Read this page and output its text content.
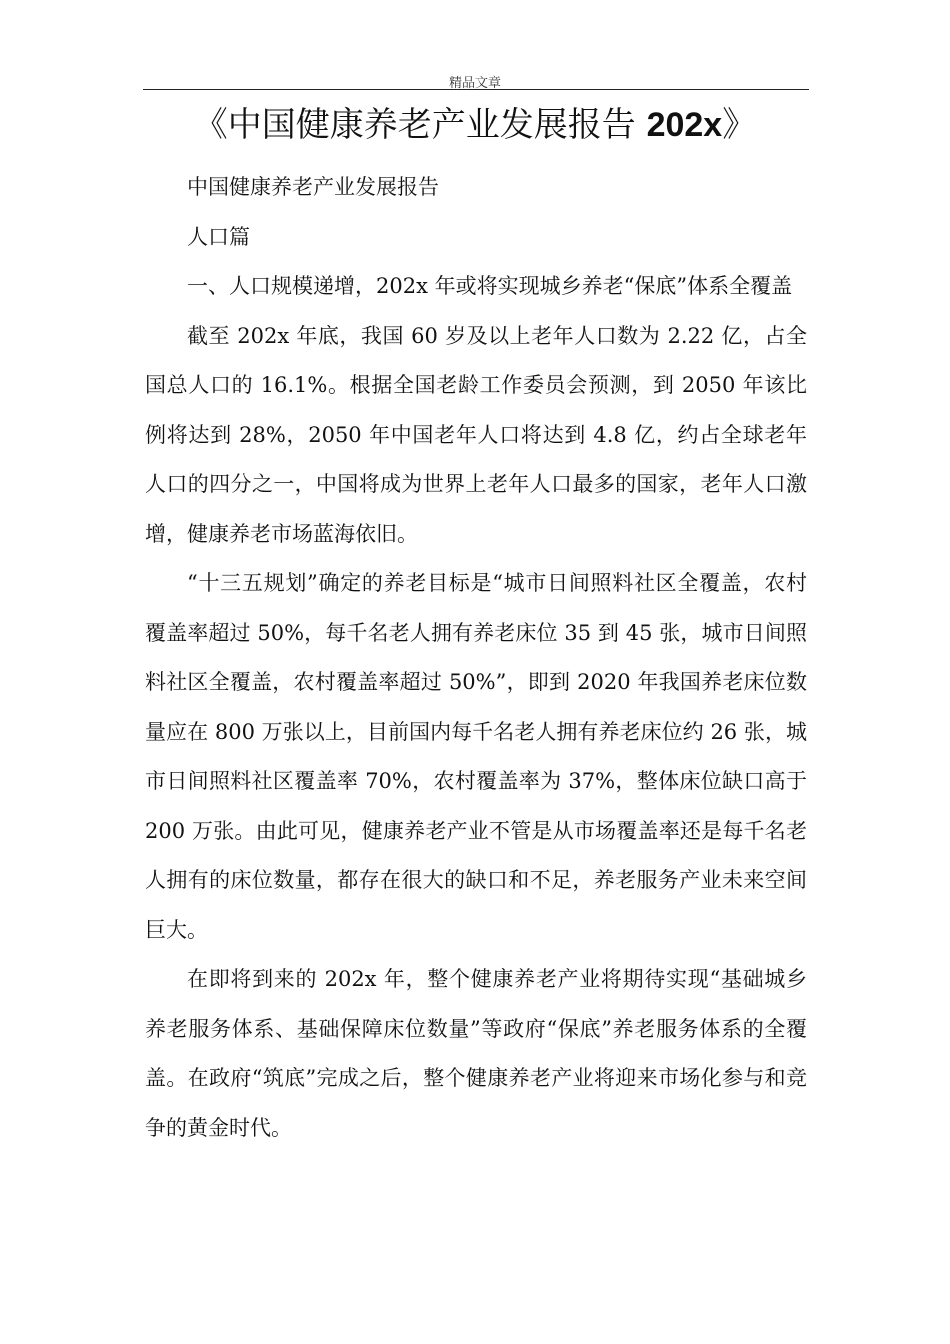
精品文章
《中国健康养老产业发展报告 202x》

中国健康养老产业发展报告

人口篇

一、人口规模递增，202x 年或将实现城乡养老“保底”体系全覆盖

截至 202x 年底，我国 60 岁及以上老年人口数为 2.22 亿，占全国总人口的 16.1%。根据全国老龄工作委员会预测，到 2050 年该比例将达到 28%，2050 年中国老年人口将达到 4.8 亿，约占全球老年人口的四分之一，中国将成为世界上老年人口最多的国家，老年人口激增，健康养老市场蓝海依旧。

“十三五规划”确定的养老目标是“城市日间照料社区全覆盖，农村覆盖率超过 50%，每千名老人拥有养老床位 35 到 45 张，城市日间照料社区全覆盖，农村覆盖率超过 50%”，即到 2020 年我国养老床位数量应在 800 万张以上，目前国内每千名老人拥有养老床位约 26 张，城市日间照料社区覆盖率 70%，农村覆盖率为 37%，整体床位缺口高于 200 万张。由此可见，健康养老产业不管是从市场覆盖率还是每千名老人拥有的床位数量，都存在很大的缺口和不足，养老服务产业未来空间巨大。

在即将到来的 202x 年，整个健康养老产业将期待实现“基础城乡养老服务体系、基础保障床位数量”等政府“保底”养老服务体系的全覆盖。在政府“筑底”完成之后，整个健康养老产业将迎来市场化参与和竞争的黄金时代。
